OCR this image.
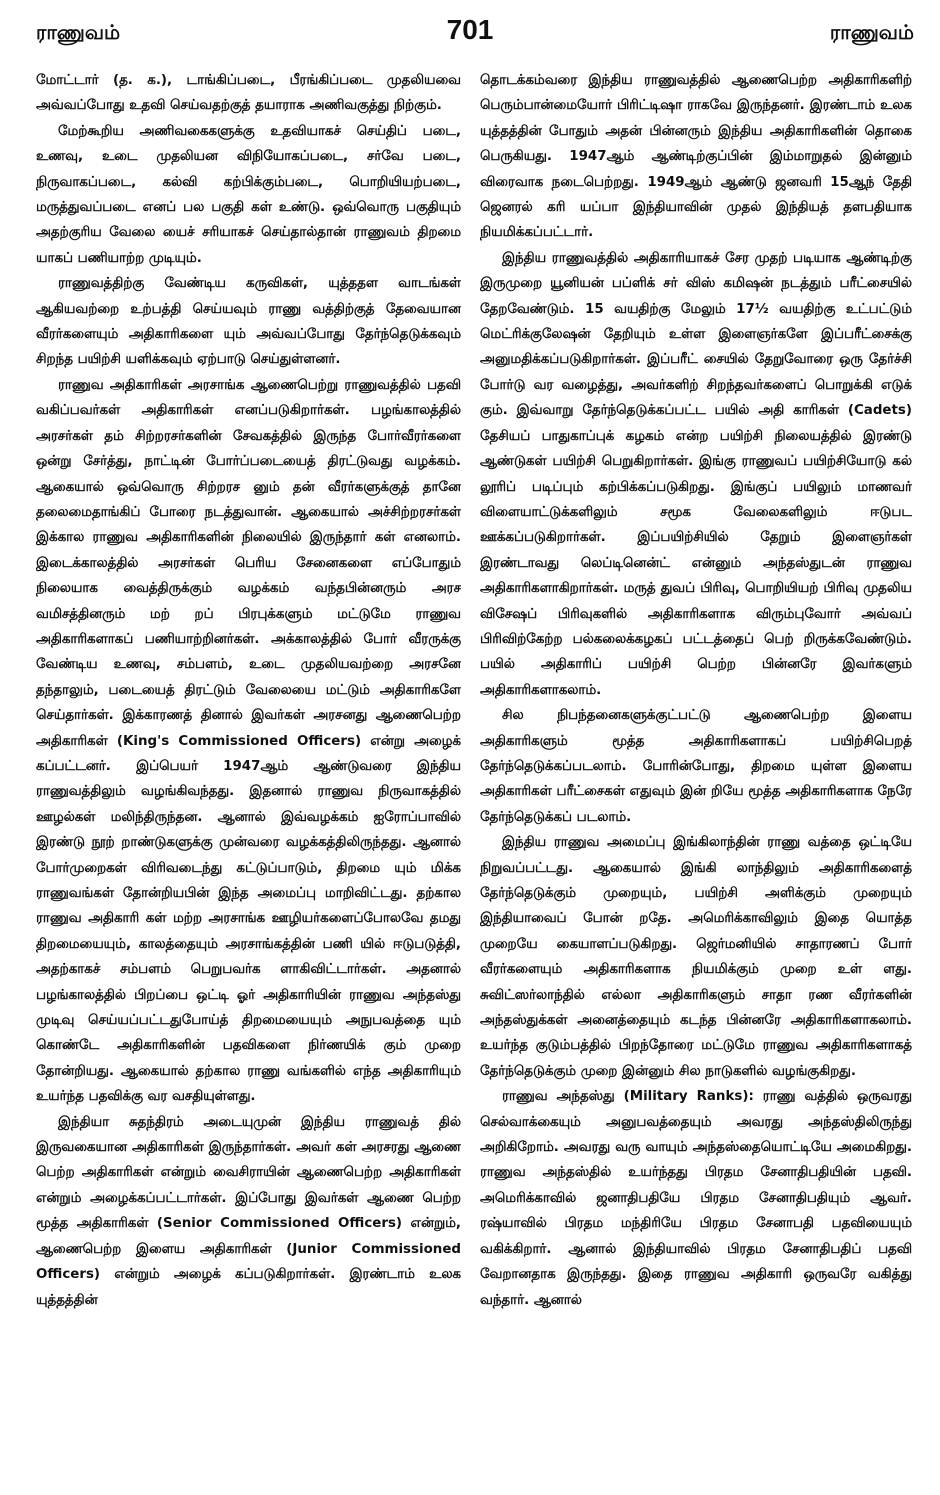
ராணுவம்	701	ராணுவம்

மோட்டார் (த. க.), டாங்கிப்படை, பீரங்கிப்படை முதலியவை அவ்வப்போது உதவி செய்வதற்குத் தயாராக அணிவகுத்து நிற்கும்.

மேற்கூறிய அணிவகைகளுக்கு உதவியாகச் செய்திப் படை, உணவு, உடை முதலியன விநியோகப்படை, சர்வே படை, நிருவாகப்படை, கல்வி கற்பிக்கும்படை, பொறியியற்படை, மருத்துவப்படை எனப் பல பகுதி கள் உண்டு. ஒவ்வொரு பகுதியும் அதற்குரிய வேலை யைச் சரியாகச் செய்தால்தான் ராணுவம் திறமை யாகப் பணியாற்ற முடியும்.

ராணுவத்திற்கு வேண்டிய கருவிகள், யுத்ததள வாடங்கள் ஆகியவற்றை உற்பத்தி செய்யவும் ராணு வத்திற்குத் தேவையான வீரர்களையும் அதிகாரிகளை யும் அவ்வப்போது தேர்ந்தெடுக்கவும் சிறந்த பயிற்சி யளிக்கவும் ஏற்பாடு செய்துள்ளனர்.

ராணுவ அதிகாரிகள் அரசாங்க ஆணைபெற்று ராணுவத்தில் பதவி வகிப்பவர்கள் அதிகாரிகள் எனப்படுகிறார்கள். பழங்காலத்தில் அரசர்கள் தம் சிற்றரசர்களின் சேவகத்தில் இருந்த போர்வீரர்களை ஒன்று சேர்த்து, நாட்டின் போர்ப்படையைத் திரட்டுவது வழக்கம். ஆகையால் ஒவ்வொரு சிற்றரச னும் தன் வீரர்களுக்குத் தானே தலைமைதாங்கிப் போரை நடத்துவான். ஆகையால் அச்சிற்றரசர்கள் இக்கால ராணுவ அதிகாரிகளின் நிலையில் இருந்தார் கள் எனலாம். இடைக்காலத்தில் அரசர்கள் பெரிய சேனைகளை எப்போதும் நிலையாக வைத்திருக்கும் வழக்கம் வந்தபின்னரும் அரச வமிசத்தினரும் மற் றப் பிரபுக்களும் மட்டுமே ராணுவ அதிகாரிகளாகப் பணியாற்றினர்கள். அக்காலத்தில் போர் வீரருக்கு வேண்டிய உணவு, சம்பளம், உடை முதலியவற்றை அரசனே தந்தாலும், படையைத் திரட்டும் வேலையை மட்டும் அதிகாரிகளே செய்தார்கள். இக்காரணத் தினால் இவர்கள் அரசனது ஆணைபெற்ற அதிகாரிகள் (King's Commissioned Officers) என்று அழைக் கப்பட்டனர். இப்பெயர் 1947ஆம் ஆண்டுவரை இந்திய ராணுவத்திலும் வழங்கிவந்தது. இதனால் ராணுவ நிருவாகத்தில் ஊழல்கள் மலிந்திருந்தன. ஆனால் இவ்வழக்கம் ஐரோப்பாவில் இரண்டு நூற் றாண்டுகளுக்கு முன்வரை வழக்கத்திலிருந்தது. ஆனால் போர்முறைகள் விரிவடைந்து கட்டுப்பாடும், திறமை யும் மிக்க ராணுவங்கள் தோன்றியபின் இந்த அமைப்பு மாறிவிட்டது. தற்கால ராணுவ அதிகாரி கள் மற்ற அரசாங்க ஊழியர்களைப்போலவே தமது திறமையையும், காலத்தையும் அரசாங்கத்தின் பணி யில் ஈடுபடுத்தி, அதற்காகச் சம்பளம் பெறுபவர்க ளாகிவிட்டார்கள். அதனால் பழங்காலத்தில் பிறப்பை ஒட்டி ஓர் அதிகாரியின் ராணுவ அந்தஸ்து முடிவு செய்யப்பட்டதுபோய்த் திறமையையும் அநுபவத்தை யும் கொண்டே அதிகாரிகளின் பதவிகளை நிர்ணயிக் கும் முறை தோன்றியது. ஆகையால் தற்கால ராணு வங்களில் எந்த அதிகாரியும் உயர்ந்த பதவிக்கு வர வசதியுள்ளது.

இந்தியா சுதந்திரம் அடையுமுன் இந்திய ராணுவத் தில் இருவகையான அதிகாரிகள் இருந்தார்கள். அவர் கள் அரசரது ஆணை பெற்ற அதிகாரிகள் என்றும் வைசிராயின் ஆணைபெற்ற அதிகாரிகள் என்றும் அழைக்கப்பட்டார்கள். இப்போது இவர்கள் ஆணை பெற்ற மூத்த அதிகாரிகள் (Senior Commissioned Officers) என்றும், ஆணைபெற்ற இளைய அதிகாரிகள் (Junior Commissioned Officers) என்றும் அழைக் கப்படுகிறார்கள். இரண்டாம் உலக யுத்தத்தின்

தொடக்கம்வரை இந்திய ராணுவத்தில் ஆணைபெற்ற அதிகாரிகளிற் பெரும்பான்மையோர் பிரிட்டிஷா ராகவே இருந்தனர். இரண்டாம் உலக யுத்தத்தின் போதும் அதன் பின்னரும் இந்திய அதிகாரிகளின் தொகை பெருகியது. 1947ஆம் ஆண்டிற்குப்பின் இம்மாறுதல் இன்னும் விரைவாக நடைபெற்றது. 1949ஆம் ஆண்டு ஜனவரி 15ஆந் தேதி ஜெனரல் கரி யப்பா இந்தியாவின் முதல் இந்தியத் தளபதியாக நியமிக்கப்பட்டார்.

இந்திய ராணுவத்தில் அதிகாரியாகச் சேர முதற் படியாக ஆண்டிற்கு இருமுறை யூனியன் பப்ளிக் சர் விஸ் கமிஷன் நடத்தும் பரீட்சையில் தேறவேண்டும். 15 வயதிற்கு மேலும் 17½ வயதிற்கு உட்பட்டும் மெட்ரிக்குலேஷன் தேறியும் உள்ள இளைஞர்களே இப்பரீட்சைக்கு அனுமதிக்கப்படுகிறார்கள். இப்பரீட் சையில் தேறுவோரை ஒரு தேர்ச்சி போர்டு வர வழைத்து, அவர்களிற் சிறந்தவர்களைப் பொறுக்கி எடுக் கும். இவ்வாறு தேர்ந்தெடுக்கப்பட்ட பயில் அதி காரிகள் (Cadets) தேசியப் பாதுகாப்புக் கழகம் என்ற பயிற்சி நிலையத்தில் இரண்டு ஆண்டுகள் பயிற்சி பெறுகிறார்கள். இங்கு ராணுவப் பயிற்சியோடு கல் லூரிப் படிப்பும் கற்பிக்கப்படுகிறது. இங்குப் பயிலும் மாணவர் விளையாட்டுக்களிலும் சமூக வேலைகளிலும் ஈடுபட ஊக்கப்படுகிறார்கள். இப்பயிற்சியில் தேறும் இளைஞர்கள் இரண்டாவது லெப்டினென்ட் என்னும் அந்தஸ்துடன் ராணுவ அதிகாரிகளாகிறார்கள். மருத் துவப் பிரிவு, பொறியியற் பிரிவு முதலிய விசேஷப் பிரிவுகளில் அதிகாரிகளாக விரும்புவோர் அவ்வப் பிரிவிற்கேற்ற பல்கலைக்கழகப் பட்டத்தைப் பெற் றிருக்கவேண்டும். பயில் அதிகாரிப் பயிற்சி பெற்ற பின்னரே இவர்களும் அதிகாரிகளாகலாம்.

சில நிபந்தனைகளுக்குட்பட்டு ஆணைபெற்ற இளைய அதிகாரிகளும் மூத்த அதிகாரிகளாகப் பயிற்சிபெறத் தேர்ந்தெடுக்கப்படலாம். போரின்போது, திறமை யுள்ள இளைய அதிகாரிகள் பரீட்சைகள் எதுவும் இன் றியே மூத்த அதிகாரிகளாக நேரே தேர்ந்தெடுக்கப் படலாம்.

இந்திய ராணுவ அமைப்பு இங்கிலாந்தின் ராணு வத்தை ஒட்டியே நிறுவப்பட்டது. ஆகையால் இங்கி லாந்திலும் அதிகாரிகளைத் தேர்ந்தெடுக்கும் முறையும், பயிற்சி அளிக்கும் முறையும் இந்தியாவைப் போன் றதே. அமெரிக்காவிலும் இதை யொத்த முறையே கையாளப்படுகிறது. ஜெர்மனியில் சாதாரணப் போர் வீரர்களையும் அதிகாரிகளாக நியமிக்கும் முறை உள் ளது. சுவிட்ஸர்லாந்தில் எல்லா அதிகாரிகளும் சாதா ரண வீரர்களின் அந்தஸ்துக்கள் அனைத்தையும் கடந்த பின்னரே அதிகாரிகளாகலாம். உயர்ந்த குடும்பத்தில் பிறந்தோரை மட்டுமே ராணுவ அதிகாரிகளாகத் தேர்ந்தெடுக்கும் முறை இன்னும் சில நாடுகளில் வழங்குகிறது.

ராணுவ அந்தஸ்து (Military Ranks): ராணு வத்தில் ஒருவரது செல்வாக்கையும் அனுபவத்தையும் அவரது அந்தஸ்திலிருந்து அறிகிறோம். அவரது வரு வாயும் அந்தஸ்தையொட்டியே அமைகிறது. ராணுவ அந்தஸ்தில் உயர்ந்தது பிரதம சேனாதிபதியின் பதவி. அமெரிக்காவில் ஜனாதிபதியே பிரதம சேனாதிபதியும் ஆவர். ரஷ்யாவில் பிரதம மந்திரியே பிரதம சேனாபதி பதவியையும் வகிக்கிறார். ஆனால் இந்தியாவில் பிரதம சேனாதிபதிப் பதவி வேறானதாக இருந்தது. இதை ராணுவ அதிகாரி ஒருவரே வகித்து வந்தார். ஆனால்
